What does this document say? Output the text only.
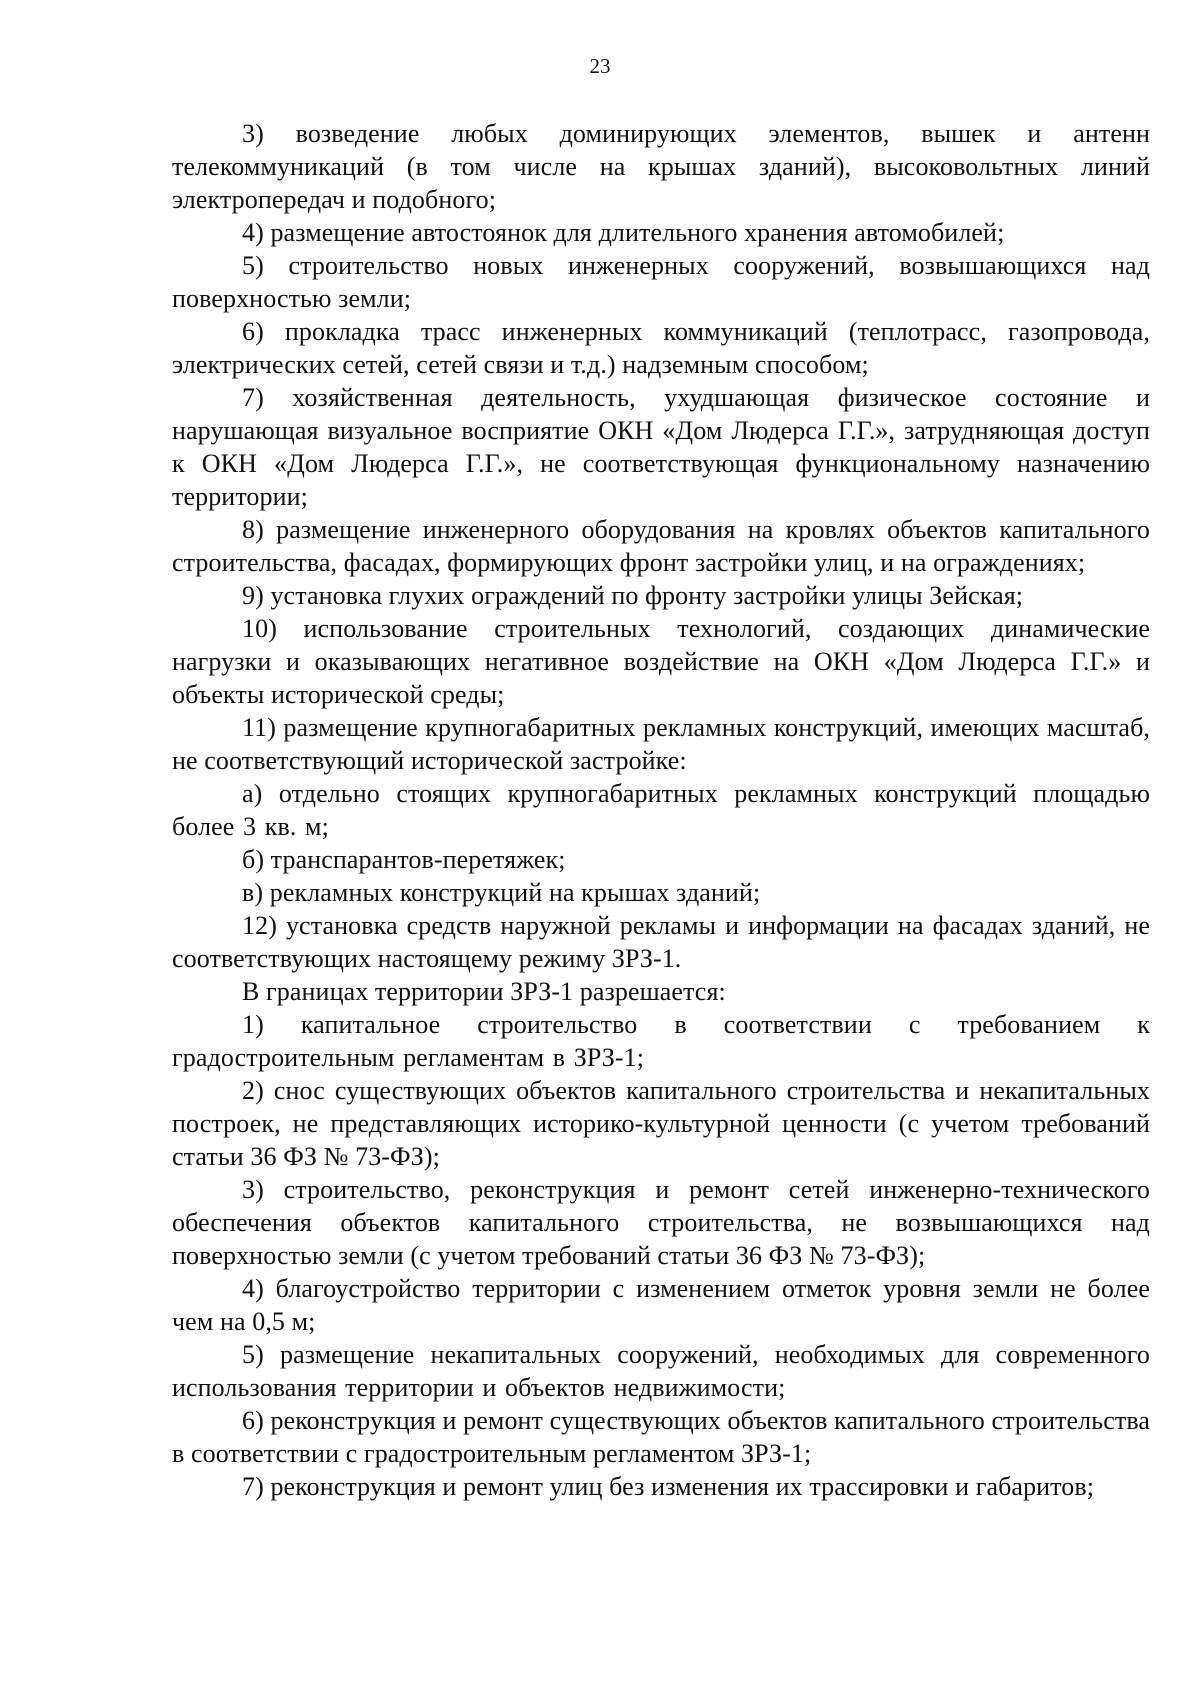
23

3) возведение любых доминирующих элементов, вышек и антенн телекоммуникаций (в том числе на крышах зданий), высоковольтных линий электропередач и подобного;

4) размещение автостоянок для длительного хранения автомобилей;

5) строительство новых инженерных сооружений, возвышающихся над поверхностью земли;

6) прокладка трасс инженерных коммуникаций (теплотрасс, газопровода, электрических сетей, сетей связи и т.д.) надземным способом;

7) хозяйственная деятельность, ухудшающая физическое состояние и нарушающая визуальное восприятие ОКН «Дом Людерса Г.Г.», затрудняющая доступ к ОКН «Дом Людерса Г.Г.», не соответствующая функциональному назначению территории;

8) размещение инженерного оборудования на кровлях объектов капитального строительства, фасадах, формирующих фронт застройки улиц, и на ограждениях;

9) установка глухих ограждений по фронту застройки улицы Зейская;

10) использование строительных технологий, создающих динамические нагрузки и оказывающих негативное воздействие на ОКН «Дом Людерса Г.Г.» и объекты исторической среды;

11) размещение крупногабаритных рекламных конструкций, имеющих масштаб, не соответствующий исторической застройке:

а) отдельно стоящих крупногабаритных рекламных конструкций площадью более 3 кв. м;

б) транспарантов-перетяжек;

в) рекламных конструкций на крышах зданий;

12) установка средств наружной рекламы и информации на фасадах зданий, не соответствующих настоящему режиму ЗРЗ-1.

В границах территории ЗРЗ-1 разрешается:

1) капитальное строительство в соответствии с требованием к градостроительным регламентам в ЗРЗ-1;

2) снос существующих объектов капитального строительства и некапитальных построек, не представляющих историко-культурной ценности (с учетом требований статьи 36 ФЗ № 73-ФЗ);

3) строительство, реконструкция и ремонт сетей инженерно-технического обеспечения объектов капитального строительства, не возвышающихся над поверхностью земли (с учетом требований статьи 36 ФЗ № 73-ФЗ);

4) благоустройство территории с изменением отметок уровня земли не более чем на 0,5 м;

5) размещение некапитальных сооружений, необходимых для современного использования территории и объектов недвижимости;

6) реконструкция и ремонт существующих объектов капитального строительства в соответствии с градостроительным регламентом ЗРЗ-1;

7) реконструкция и ремонт улиц без изменения их трассировки и габаритов;
